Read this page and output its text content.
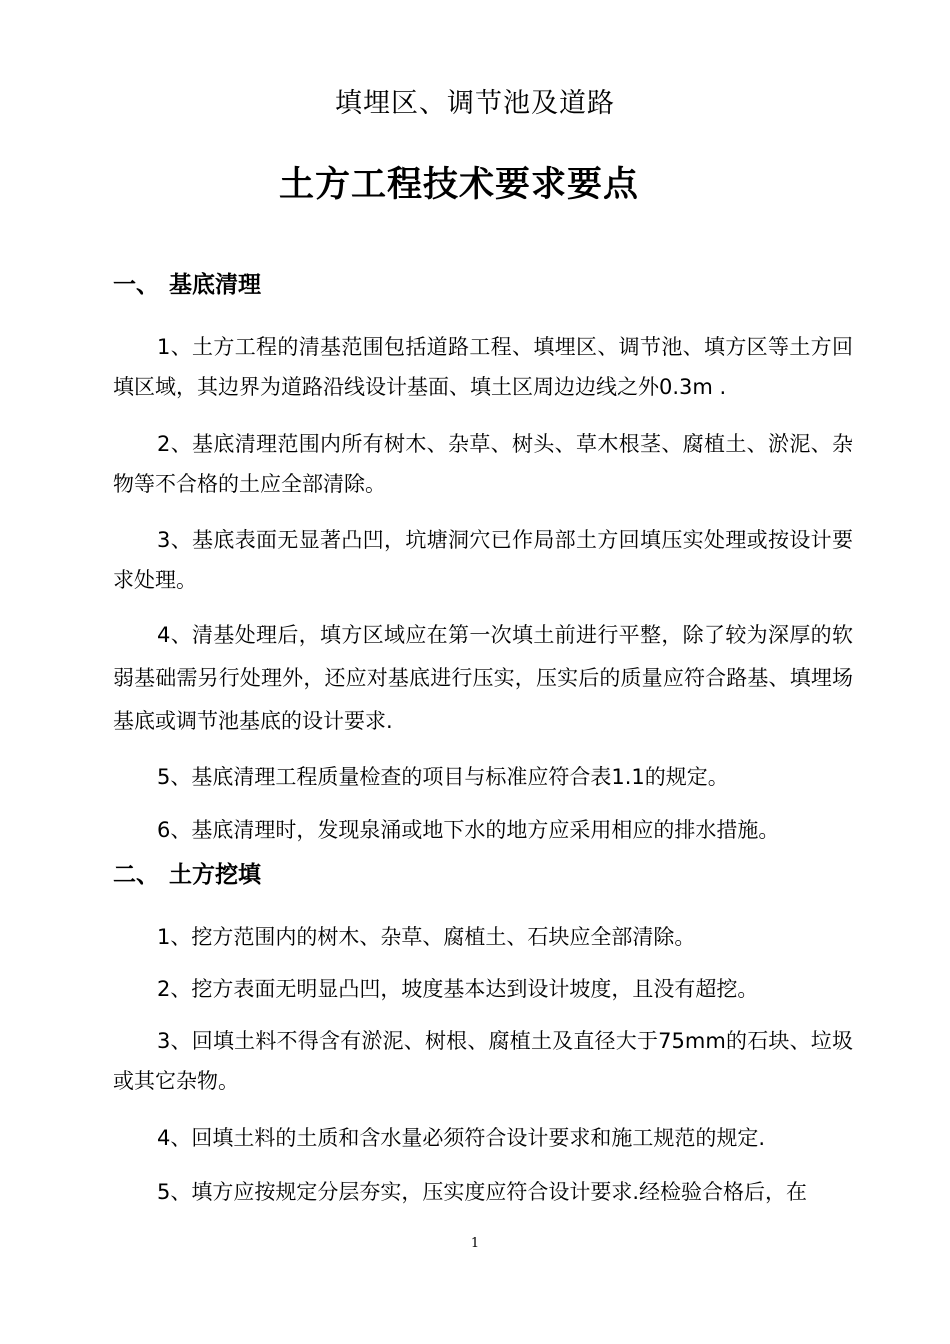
填埋区、调节池及道路
土方工程技术要求要点
一、 基底清理
1、土方工程的清基范围包括道路工程、填埋区、调节池、填方区等土方回填区域，其边界为道路沿线设计基面、填土区周边边线之外0.3m .
2、基底清理范围内所有树木、杂草、树头、草木根茎、腐植土、淤泥、杂物等不合格的土应全部清除。
3、基底表面无显著凸凹，坑塘洞穴已作局部土方回填压实处理或按设计要求处理。
4、清基处理后，填方区域应在第一次填土前进行平整，除了较为深厚的软弱基础需另行处理外，还应对基底进行压实，压实后的质量应符合路基、填埋场基底或调节池基底的设计要求.
5、基底清理工程质量检查的项目与标准应符合表1.1的规定。
6、基底清理时，发现泉涌或地下水的地方应采用相应的排水措施。
二、 土方挖填
1、挖方范围内的树木、杂草、腐植土、石块应全部清除。
2、挖方表面无明显凸凹，坡度基本达到设计坡度，且没有超挖。
3、回填土料不得含有淤泥、树根、腐植土及直径大于75mm的石块、垃圾或其它杂物。
4、回填土料的土质和含水量必须符合设计要求和施工规范的规定.
5、填方应按规定分层夯实，压实度应符合设计要求.经检验合格后，在
1
